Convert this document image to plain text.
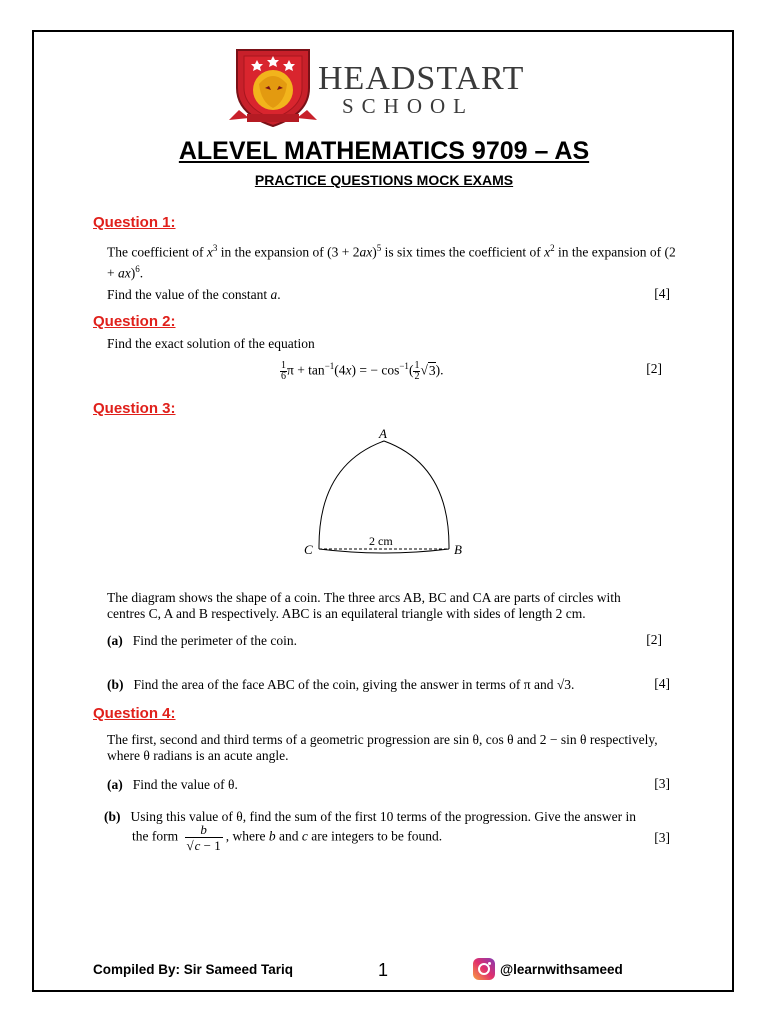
HEADSTART
SCHOOL
ALEVEL MATHEMATICS 9709 – AS
PRACTICE QUESTIONS MOCK EXAMS
Question 1:
The coefficient of $x^3$ in the expansion of $(3 + 2ax)^5$ is six times the coefficient of $x^2$ in the expansion of (2 + ax)$^6$.
Find the value of the constant a.	[4]
Question 2:
Find the exact solution of the equation
$\frac{1}{6}$ $\pi + \tan^{-1}(4x)$ = − $\cos^{-1}( \frac{1}{2} √3)$.	[2]
Question 3:
A
C	B
2 cm
The diagram shows the shape of a coin. The three arcs AB, BC and CA are parts of circles with
centres C, A and B respectively. ABC is an equilateral triangle with sides of length 2 cm.
(a) Find the perimeter of the coin.	[2]
(b) Find the area of the face ABC of the coin, giving the answer in terms of π and √3.	[4]
Question 4:
The first, second and third terms of a geometric progression are sin θ, cos θ and 2 − sin θ respectively,
where θ radians is an acute angle.
(a) Find the value of θ.	[3]
(b) Using this value of θ, find the sum of the first 10 terms of the progression. Give the answer in
the form $\frac{b}{√c - 1}$ , where b and c are integers to be found.	[3]
Compiled By: Sir Sameed Tariq	1	@learnwithsameed
